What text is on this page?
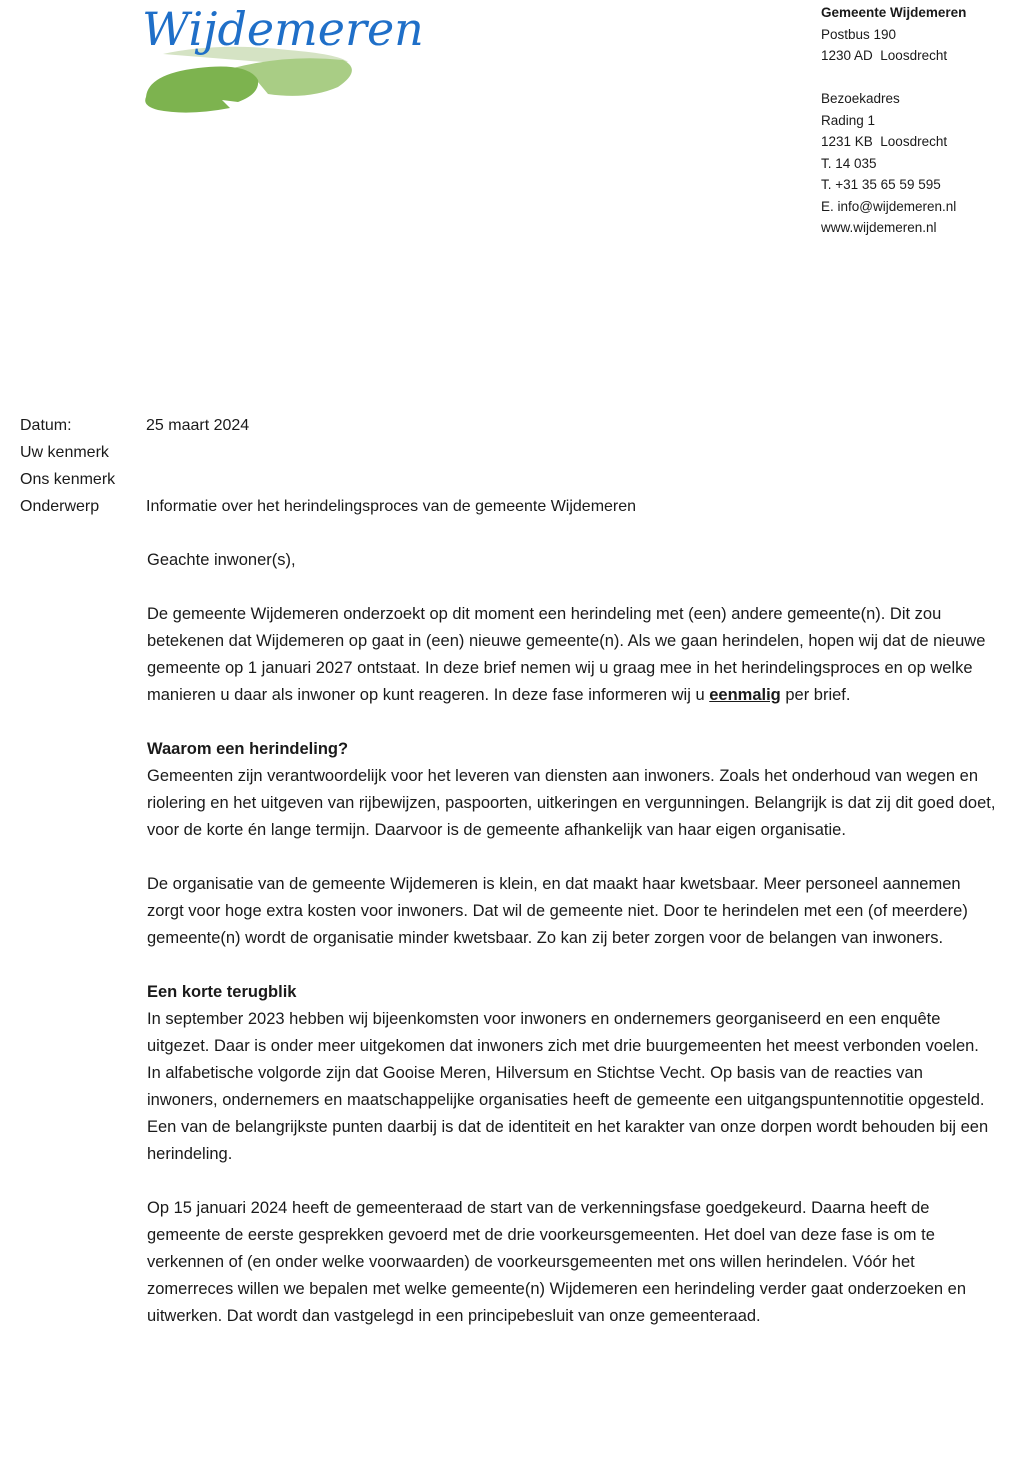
Wijdemeren	Gemeente Wijdemeren
Postbus 190
1230 AD  Loosdrecht
Bezoekadres
Rading 1
1231 KB  Loosdrecht
T. 14 035
T. +31 35 65 59 595
E. info@wijdemeren.nl
www.wijdemeren.nl
Datum:	25 maart 2024
Uw kenmerk
Ons kenmerk
Onderwerp	Informatie over het herindelingsproces van de gemeente Wijdemeren

Geachte inwoner(s),

De gemeente Wijdemeren onderzoekt op dit moment een herindeling met (een) andere gemeente(n). Dit zou betekenen dat Wijdemeren op gaat in (een) nieuwe gemeente(n). Als we gaan herindelen, hopen wij dat de nieuwe gemeente op 1 januari 2027 ontstaat. In deze brief nemen wij u graag mee in het herindelingsproces en op welke manieren u daar als inwoner op kunt reageren. In deze fase informeren wij u eenmalig per brief.

Waarom een herindeling?

Gemeenten zijn verantwoordelijk voor het leveren van diensten aan inwoners. Zoals het onderhoud van wegen en riolering en het uitgeven van rijbewijzen, paspoorten, uitkeringen en vergunningen. Belangrijk is dat zij dit goed doet, voor de korte én lange termijn. Daarvoor is de gemeente afhankelijk van haar eigen organisatie.

De organisatie van de gemeente Wijdemeren is klein, en dat maakt haar kwetsbaar. Meer personeel aannemen zorgt voor hoge extra kosten voor inwoners. Dat wil de gemeente niet. Door te herindelen met een (of meerdere) gemeente(n) wordt de organisatie minder kwetsbaar. Zo kan zij beter zorgen voor de belangen van inwoners.

Een korte terugblik

In september 2023 hebben wij bijeenkomsten voor inwoners en ondernemers georganiseerd en een enquête uitgezet. Daar is onder meer uitgekomen dat inwoners zich met drie buurgemeenten het meest verbonden voelen. In alfabetische volgorde zijn dat Gooise Meren, Hilversum en Stichtse Vecht. Op basis van de reacties van inwoners, ondernemers en maatschappelijke organisaties heeft de gemeente een uitgangspuntennotitie opgesteld. Een van de belangrijkste punten daarbij is dat de identiteit en het karakter van onze dorpen wordt behouden bij een herindeling.

Op 15 januari 2024 heeft de gemeenteraad de start van de verkenningsfase goedgekeurd. Daarna heeft de gemeente de eerste gesprekken gevoerd met de drie voorkeursgemeenten. Het doel van deze fase is om te verkennen of (en onder welke voorwaarden) de voorkeursgemeenten met ons willen herindelen. Vóór het zomerreces willen we bepalen met welke gemeente(n) Wijdemeren een herindeling verder gaat onderzoeken en uitwerken. Dat wordt dan vastgelegd in een principebesluit van onze gemeenteraad.
